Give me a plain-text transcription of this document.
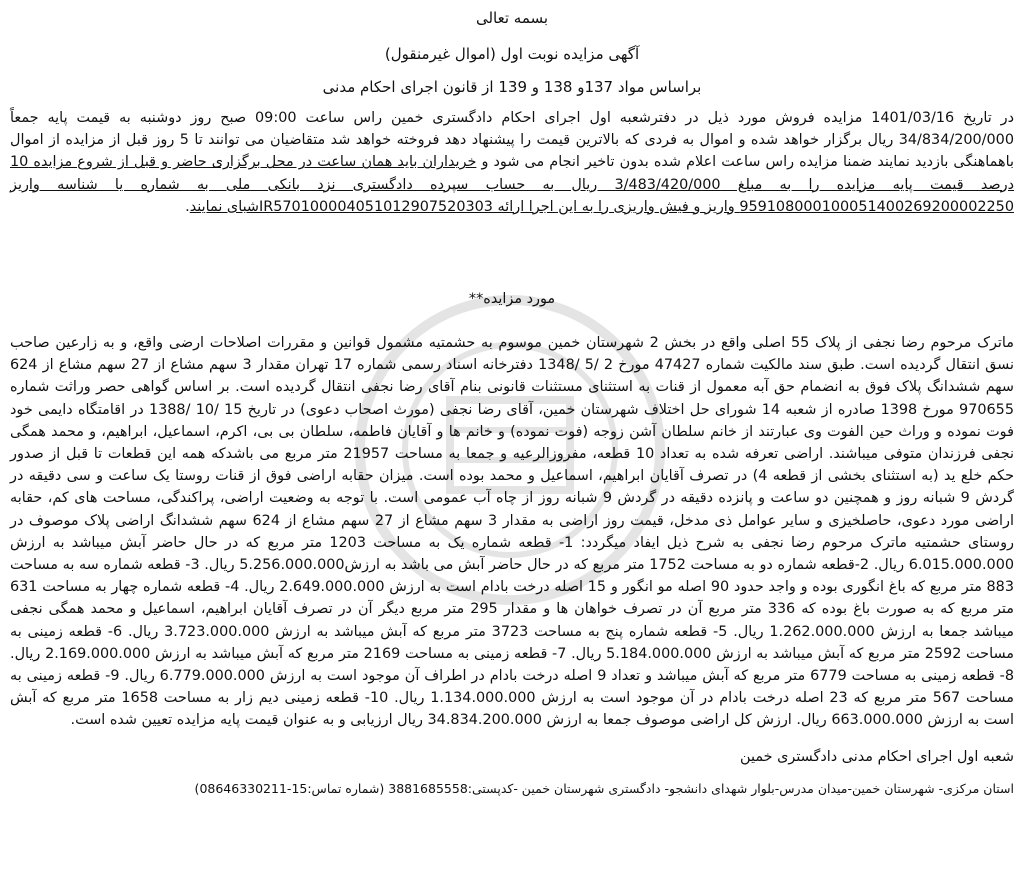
بسمه تعالی
آگهی مزایده نوبت اول (اموال غیرمنقول)
براساس مواد 137و 138 و 139 از قانون اجرای احکام مدنی

در تاریخ 1401/03/16 مزایده فروش مورد ذیل در دفترشعبه اول اجرای احکام دادگستری خمین راس ساعت 09:00 صبح روز دوشنبه به قیمت پایه جمعاً 34/834/200/000 ریال برگزار خواهد شده و اموال به فردی که بالاترین قیمت را پیشنهاد دهد فروخته خواهد شد متقاضیان می توانند تا 5 روز قبل از مزایده از اموال باهماهنگی بازدید نمایند ضمنا مزایده راس ساعت اعلام شده بدون تاخیر انجام می شود و خریداران باید همان ساعت در محل برگزاری حاضر و قبل از شروع مزایده 10 درصد قیمت پایه مزایده را به مبلغ 3/483/420/000 ریال به حساب سپرده دادگستری نزد بانکی ملی به شماره یا شناسه واریز 959108000100051400269200002250 واریز و فیش واریزی را به این اجرا ارائه IR570100004051012907520303شبای نمایند.

مورد مزایده**

ماترک مرحوم رضا نجفی از پلاک 55 اصلی واقع در بخش 2 شهرستان خمین موسوم به حشمتیه مشمول قوانین و مقررات اصلاحات ارضی واقع، و به زارعین صاحب نسق انتقال گردیده است. طبق سند مالکیت شماره 47427 مورخ 2 /5 /1348 دفترخانه اسناد رسمی شماره 17 تهران مقدار 3 سهم مشاع از 27 سهم مشاع از 624 سهم ششدانگ پلاک فوق به انضمام حق آبه معمول از قنات به استثنای مستثنات قانونی بنام آقای رضا نجفی انتقال گردیده است. بر اساس گواهی حصر وراثت شماره 970655 مورخ 1398 صادره از شعبه 14 شورای حل اختلاف شهرستان خمین، آقای رضا نجفی (مورث اصحاب دعوی) در تاریخ 15 /10 /1388 در اقامتگاه دایمی خود فوت نموده و وراث حین الفوت وی عبارتند از خانم سلطان آشن زوجه (فوت نموده) و خانم ها و آقایان فاطمه، سلطان بی بی، اکرم، اسماعیل، ابراهیم، و محمد همگی نجفی فرزندان متوفی میباشند. اراضی تعرفه شده به تعداد 10 قطعه، مفروزالرعیه و جمعا به مساحت 21957 متر مربع می باشدکه همه این قطعات تا قبل از صدور حکم خلع ید (به استثنای بخشی از قطعه 4) در تصرف آقایان ابراهیم، اسماعیل و محمد بوده است. میزان حقابه اراضی فوق از قنات روستا یک ساعت و سی دقیقه در گردش 9 شبانه روز و همچنین دو ساعت و پانزده دقیقه در گردش 9 شبانه روز از چاه آب عمومی است. با توجه به وضعیت اراضی، پراکندگی، مساحت های کم، حقابه اراضی مورد دعوی، حاصلخیزی و سایر عوامل ذی مدخل، قیمت روز اراضی به مقدار 3 سهم مشاع از 27 سهم مشاع از 624 سهم ششدانگ اراضی پلاک موصوف در روستای حشمتیه ماترک مرحوم رضا نجفی به شرح ذیل ایفاد میگردد: 1- قطعه شماره یک به مساحت 1203 متر مربع که در حال حاضر آبش میباشد به ارزش 6.015.000.000 ریال. 2-قطعه شماره دو به مساحت 1752 متر مربع که در حال حاضر آبش می باشد به ارزش5.256.000.000 ریال. 3- قطعه شماره سه به مساحت 883 متر مربع که باغ انگوری بوده و واجد حدود 90 اصله مو انگور و 15 اصله درخت بادام است به ارزش 2.649.000.000 ریال. 4- قطعه شماره چهار به مساحت 631 متر مربع که به صورت باغ بوده که 336 متر مربع آن در تصرف خواهان ها و مقدار 295 متر مربع دیگر آن در تصرف آقایان ابراهیم، اسماعیل و محمد همگی نجفی میباشد جمعا به ارزش 1.262.000.000 ریال. 5- قطعه شماره پنج به مساحت 3723 متر مربع که آبش میباشد به ارزش 3.723.000.000 ریال. 6- قطعه زمینی به مساحت 2592 متر مربع که آبش میباشد به ارزش 5.184.000.000 ریال. 7- قطعه زمینی به مساحت 2169 متر مربع که آبش میباشد به ارزش 2.169.000.000 ریال. 8- قطعه زمینی به مساحت 6779 متر مربع که آبش میباشد و تعداد 9 اصله درخت بادام در اطراف آن موجود است به ارزش 6.779.000.000 ریال. 9- قطعه زمینی به مساحت 567 متر مربع که 23 اصله درخت بادام در آن موجود است به ارزش 1.134.000.000 ریال. 10- قطعه زمینی دیم زار به مساحت 1658 متر مربع که آبش است به ارزش 663.000.000 ریال. ارزش کل اراضی موصوف جمعا به ارزش 34.834.200.000 ریال ارزیابی و به عنوان قیمت پایه مزایده تعیین شده است.

شعبه اول اجرای احکام مدنی دادگستری خمین
استان مرکزی- شهرستان خمین-میدان مدرس-بلوار شهدای دانشجو- دادگستری شهرستان خمین -کدپستی:3881685558 (شماره تماس:15-08646330211)
